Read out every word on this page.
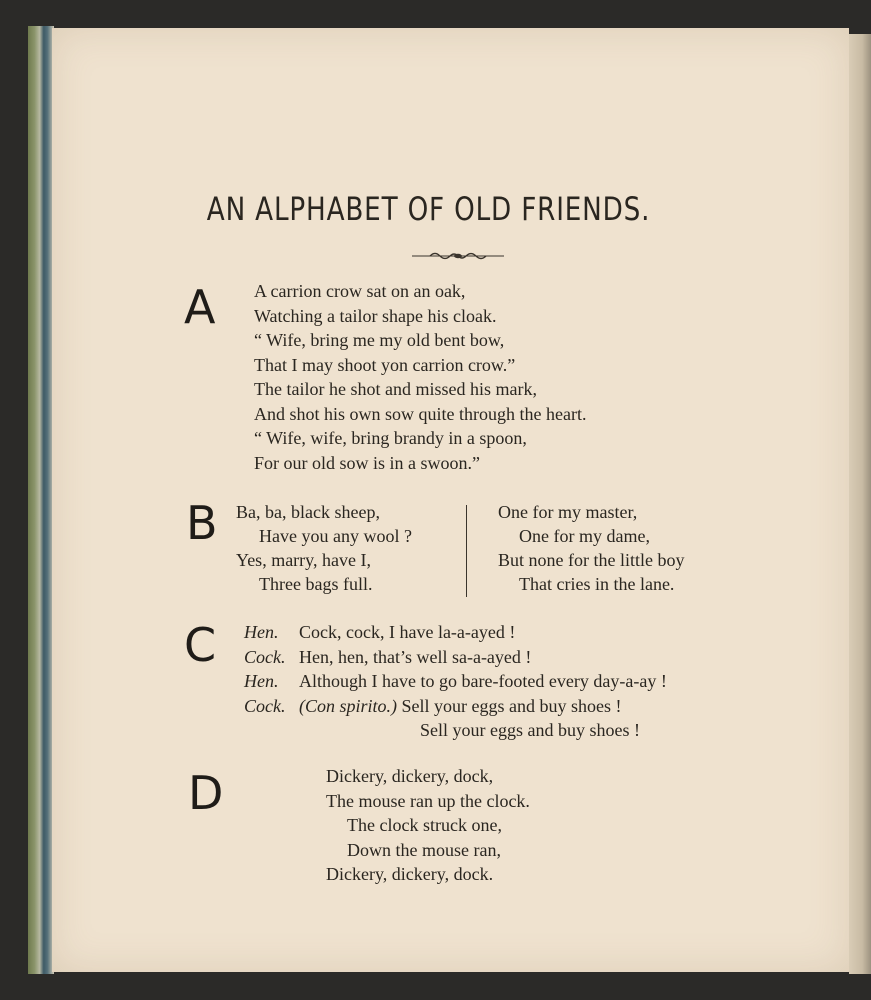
AN ALPHABET OF OLD FRIENDS.
A A carrion crow sat on an oak,
Watching a tailor shape his cloak.
“ Wife, bring me my old bent bow,
That I may shoot yon carrion crow.”
The tailor he shot and missed his mark,
And shot his own sow quite through the heart.
“ Wife, wife, bring brandy in a spoon,
For our old sow is in a swoon.”
B Ba, ba, black sheep,
Have you any wool ?
Yes, marry, have I,
Three bags full.
One for my master,
One for my dame,
But none for the little boy
That cries in the lane.
C Hen. Cock, cock, I have la-a-ayed !
Cock. Hen, hen, that’s well sa-a-ayed !
Hen. Although I have to go bare-footed every day-a-ay !
Cock. (Con spirito.) Sell your eggs and buy shoes !
Sell your eggs and buy shoes !
D	Dickery, dickery, dock,
The mouse ran up the clock.
The clock struck one,
Down the mouse ran,
Dickery, dickery, dock.
